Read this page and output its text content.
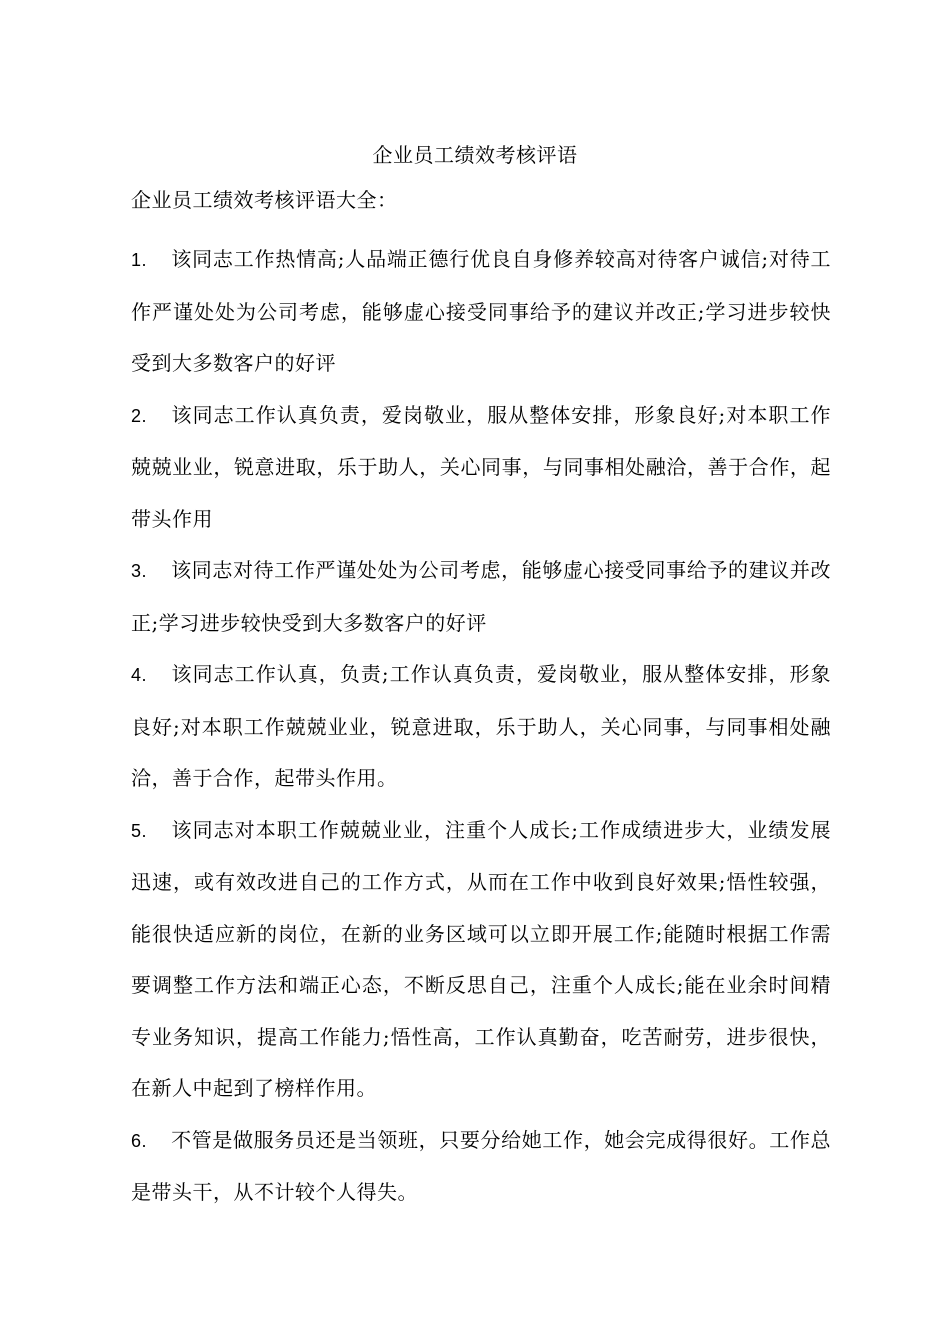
企业员工绩效考核评语
企业员工绩效考核评语大全：

1. 该同志工作热情高;人品端正德行优良自身修养较高对待客户诚信;对待工作严谨处处为公司考虑，能够虚心接受同事给予的建议并改正;学习进步较快受到大多数客户的好评

2. 该同志工作认真负责，爱岗敬业，服从整体安排，形象良好;对本职工作兢兢业业，锐意进取，乐于助人，关心同事，与同事相处融洽，善于合作，起带头作用

3. 该同志对待工作严谨处处为公司考虑，能够虚心接受同事给予的建议并改正;学习进步较快受到大多数客户的好评

4. 该同志工作认真，负责;工作认真负责，爱岗敬业，服从整体安排，形象良好;对本职工作兢兢业业，锐意进取，乐于助人，关心同事，与同事相处融洽，善于合作，起带头作用。

5. 该同志对本职工作兢兢业业，注重个人成长;工作成绩进步大，业绩发展迅速，或有效改进自己的工作方式，从而在工作中收到良好效果;悟性较强，能很快适应新的岗位，在新的业务区域可以立即开展工作;能随时根据工作需要调整工作方法和端正心态，不断反思自己，注重个人成长;能在业余时间精专业务知识，提高工作能力;悟性高，工作认真勤奋，吃苦耐劳，进步很快，在新人中起到了榜样作用。

6. 不管是做服务员还是当领班，只要分给她工作，她会完成得很好。工作总是带头干，从不计较个人得失。
